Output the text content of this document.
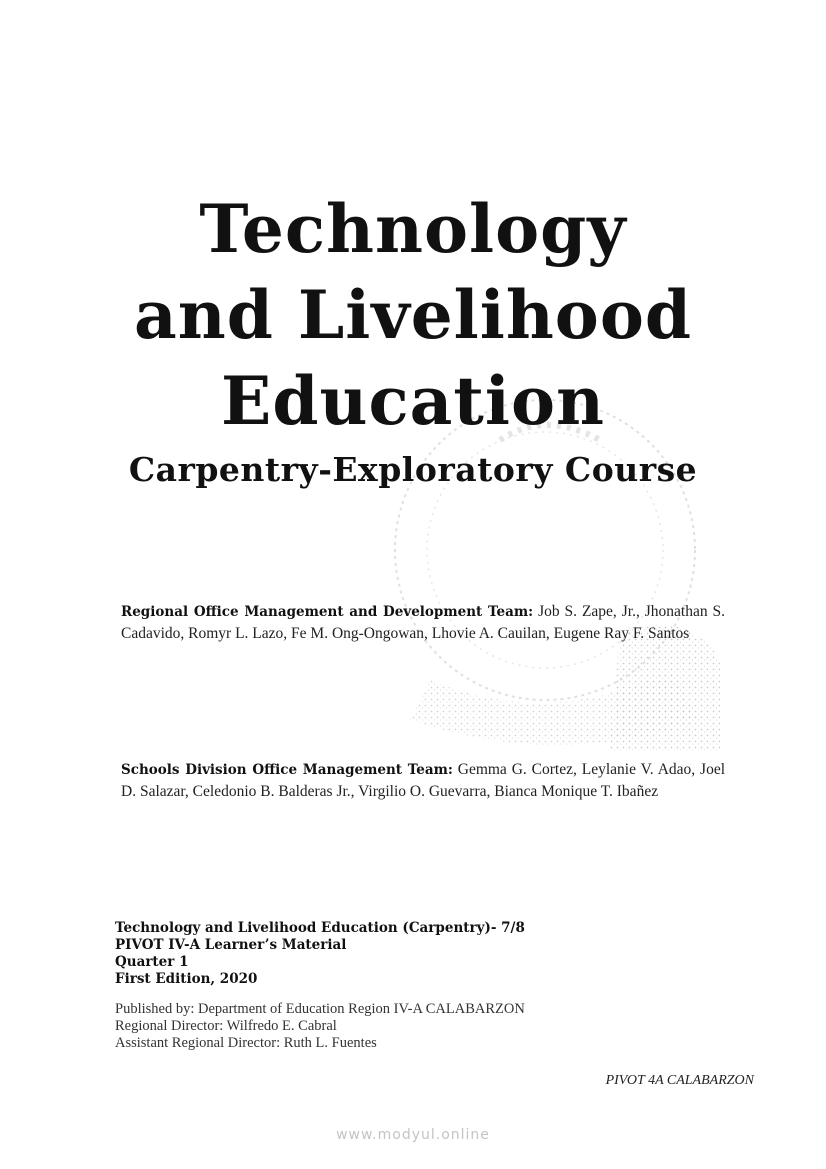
Technology
and Livelihood
Education
Carpentry-Exploratory Course
Regional Office Management and Development Team: Job S. Zape, Jr., Jhonathan S. Cadavido, Romyr L. Lazo, Fe M. Ong-Ongowan, Lhovie A. Cauilan, Eugene Ray F. Santos
Schools Division Office Management Team: Gemma G. Cortez, Leylanie V. Adao, Joel D. Salazar, Celedonio B. Balderas Jr., Virgilio O. Guevarra, Bianca Monique T. Ibañez
Technology and Livelihood Education (Carpentry)- 7/8
PIVOT IV-A Learner’s Material
Quarter 1
First Edition, 2020
Published by: Department of Education Region IV-A CALABARZON
Regional Director: Wilfredo E. Cabral
Assistant Regional Director: Ruth L. Fuentes
PIVOT 4A CALABARZON
www.modyul.online
